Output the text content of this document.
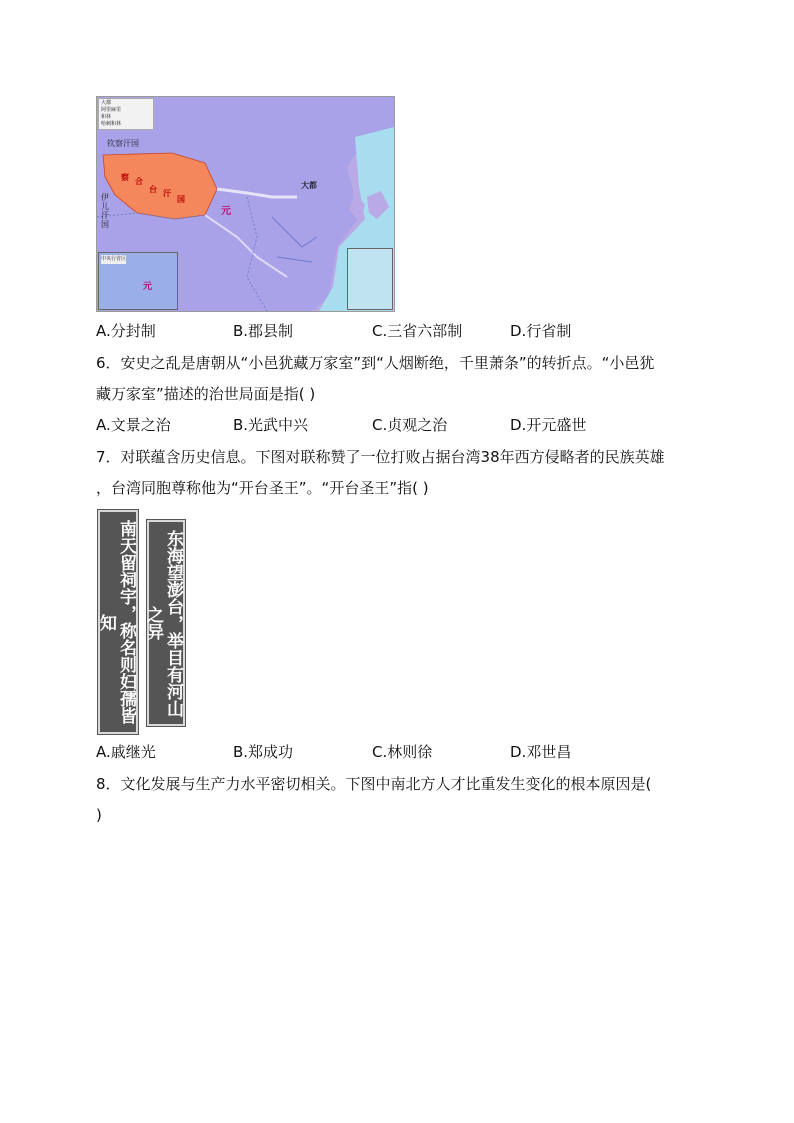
大都
阿里麻里
和林
哈剌和林
钦察汗国
伊儿汗国
察 合
台 汗
国
元
大都
中央行省区
元
A.分封制	B.郡县制	C.三省六部制	D.行省制
6．安史之乱是唐朝从“小邑犹藏万家室”到“人烟断绝，千里萧条”的转折点。“小邑犹
藏万家室”描述的治世局面是指( )
A.文景之治	B.光武中兴	C.贞观之治	D.开元盛世
7．对联蕴含历史信息。下图对联称赞了一位打败占据台湾38年西方侵略者的民族英雄
，台湾同胞尊称他为“开台圣王”。“开台圣王”指( )
南天留祠宇，称名则妇孺皆知	东海望澎台，举目有河山之异
A.戚继光	B.郑成功	C.林则徐	D.邓世昌
8．文化发展与生产力水平密切相关。下图中南北方人才比重发生变化的根本原因是(
)
